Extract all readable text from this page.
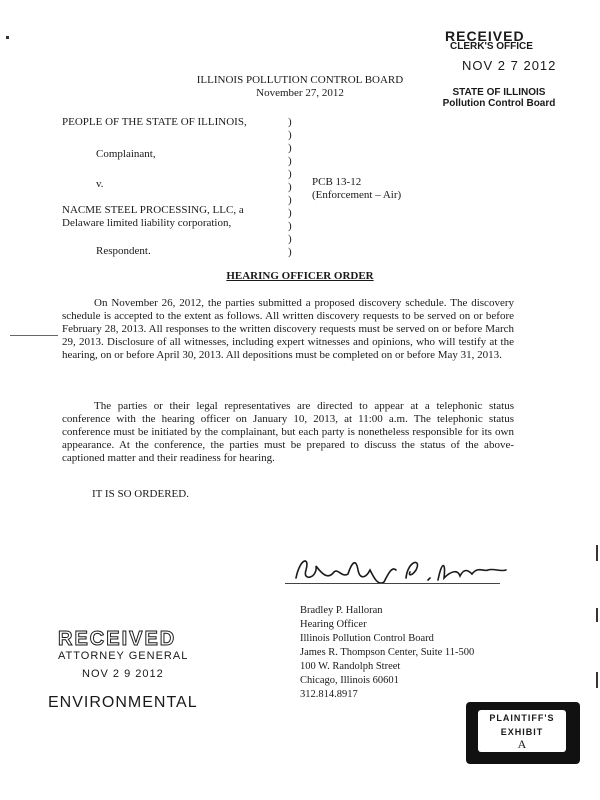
RECEIVED
CLERK'S OFFICE
NOV 2 7 2012
STATE OF ILLINOIS
Pollution Control Board
ILLINOIS POLLUTION CONTROL BOARD
November 27, 2012
PEOPLE OF THE STATE OF ILLINOIS,
Complainant,
v.
NACME STEEL PROCESSING, LLC, a
Delaware limited liability corporation,
Respondent.
)
)
)
)
)
)
)
)
)
)
)
PCB 13-12
(Enforcement – Air)
HEARING OFFICER ORDER

On November 26, 2012, the parties submitted a proposed discovery schedule. The discovery schedule is accepted to the extent as follows. All written discovery requests to be served on or before February 28, 2013. All responses to the written discovery requests must be served on or before March 29, 2013. Disclosure of all witnesses, including expert witnesses and opinions, who will testify at the hearing, on or before April 30, 2013. All depositions must be completed on or before May 31, 2013.

The parties or their legal representatives are directed to appear at a telephonic status conference with the hearing officer on January 10, 2013, at 11:00 a.m. The telephonic status conference must be initiated by the complainant, but each party is nonetheless responsible for its own appearance. At the conference, the parties must be prepared to discuss the status of the above-captioned matter and their readiness for hearing.

IT IS SO ORDERED.
Bradley P. Halloran
Hearing Officer
Illinois Pollution Control Board
James R. Thompson Center, Suite 11-500
100 W. Randolph Street
Chicago, Illinois 60601
312.814.8917
RECEIVED
ATTORNEY GENERAL
NOV 2 9 2012
ENVIRONMENTAL
PLAINTIFF'S
EXHIBIT
A
